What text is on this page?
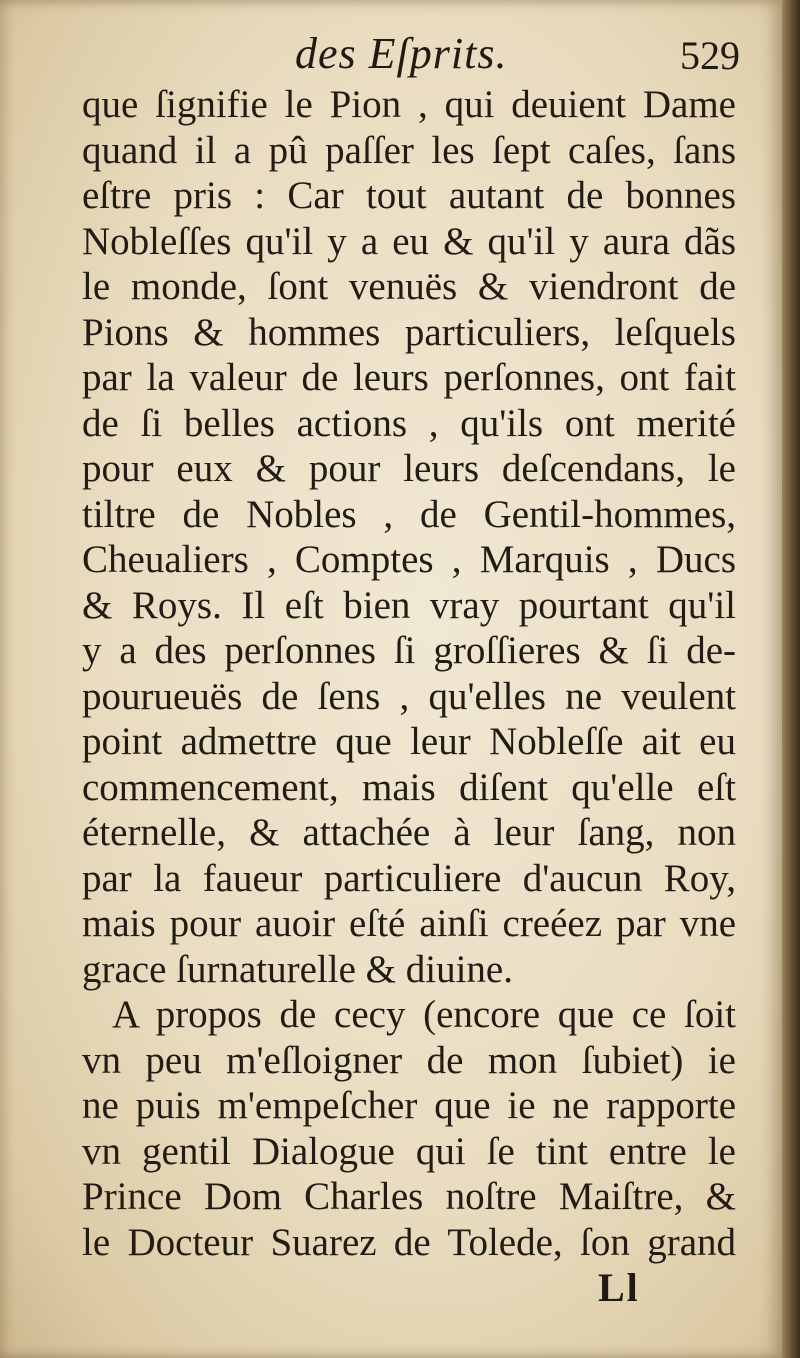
des Eſprits.	529
que ſignifie le Pion , qui deuient Dame
quand il a pû paſſer les ſept caſes, ſans
eſtre pris : Car tout autant de bonnes
Nobleſſes qu'il y a eu & qu'il y aura dãs
le monde, ſont venuës & viendront de
Pions & hommes particuliers, leſquels
par la valeur de leurs perſonnes, ont fait
de ſi belles actions , qu'ils ont merité
pour eux & pour leurs deſcendans, le
tiltre de Nobles , de Gentil-hommes,
Cheualiers , Comptes , Marquis , Ducs
& Roys. Il eſt bien vray pourtant qu'il
y a des perſonnes ſi groſſieres & ſi de-
pourueuës de ſens , qu'elles ne veulent
point admettre que leur Nobleſſe ait eu
commencement, mais diſent qu'elle eſt
éternelle, & attachée à leur ſang, non
par la faueur particuliere d'aucun Roy,
mais pour auoir eſté ainſi creéez par vne
grace ſurnaturelle & diuine.
A propos de cecy (encore que ce ſoit
vn peu m'eſloigner de mon ſubiet) ie
ne puis m'empeſcher que ie ne rapporte
vn gentil Dialogue qui ſe tint entre le
Prince Dom Charles noſtre Maiſtre, &
le Docteur Suarez de Tolede, ſon grand
Ll
